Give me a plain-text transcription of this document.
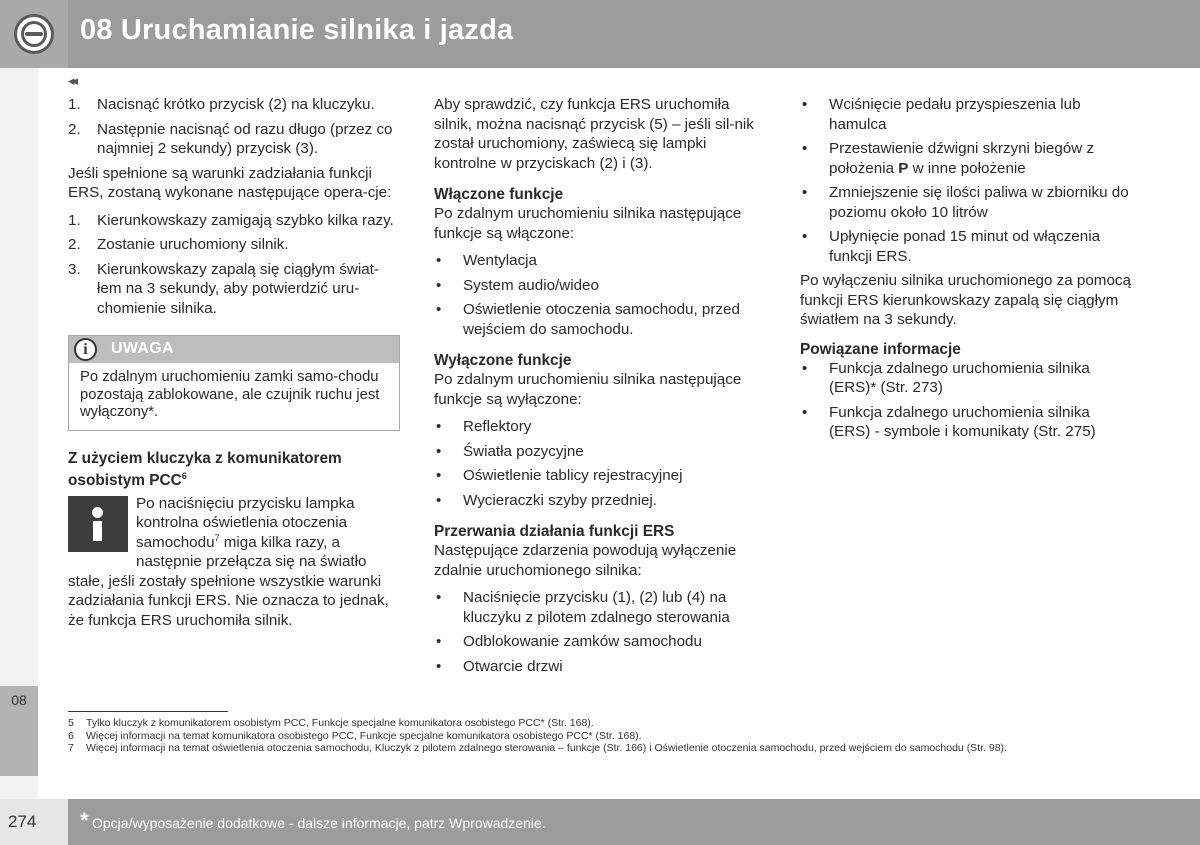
08 Uruchamianie silnika i jazda
08
◂◂
1. Nacisnąć krótko przycisk (2) na kluczyku.
2. Następnie nacisnąć od razu długo (przez co najmniej 2 sekundy) przycisk (3).

Jeśli spełnione są warunki zadziałania funkcji ERS, zostaną wykonane następujące opera-cje:

1. Kierunkowskazy zamigają szybko kilka razy.
2. Zostanie uruchomiony silnik.
3. Kierunkowskazy zapalą się ciągłym świat-łem na 3 sekundy, aby potwierdzić uru-chomienie silnika.
i	UWAGA
Po zdalnym uruchomieniu zamki samo-chodu pozostają zablokowane, ale czujnik ruchu jest wyłączony*.
Z użyciem kluczyka z komunikatorem osobistym PCC$^6$
Po naciśnięciu przycisku lampka kontrolna oświetlenia otoczenia samochodu$^7$ miga kilka razy, a następnie przełącza się na światło stałe, jeśli zostały spełnione wszystkie warunki zadziałania funkcji ERS. Nie oznacza to jednak, że funkcja ERS uruchomiła silnik.

Aby sprawdzić, czy funkcja ERS uruchomiła silnik, można nacisnąć przycisk (5) – jeśli sil-nik został uruchomiony, zaświecą się lampki kontrolne w przyciskach (2) i (3).

Włączone funkcje

Po zdalnym uruchomieniu silnika następujące funkcje są włączone:

• Wentylacja
• System audio/wideo
• Oświetlenie otoczenia samochodu, przed wejściem do samochodu.
Wyłączone funkcje

Po zdalnym uruchomieniu silnika następujące funkcje są wyłączone:

• Reflektory
• Światła pozycyjne
• Oświetlenie tablicy rejestracyjnej
• Wycieraczki szyby przedniej.
Przerwania działania funkcji ERS

Następujące zdarzenia powodują wyłączenie zdalnie uruchomionego silnika:

• Naciśnięcie przycisku (1), (2) lub (4) na kluczyku z pilotem zdalnego sterowania
• Odblokowanie zamków samochodu
• Otwarcie drzwi
• Wciśnięcie pedału przyspieszenia lub hamulca
• Przestawienie dźwigni skrzyni biegów z położenia P w inne położenie
• Zmniejszenie się ilości paliwa w zbiorniku do poziomu około 10 litrów
• Upłynięcie ponad 15 minut od włączenia funkcji ERS.

Po wyłączeniu silnika uruchomionego za pomocą funkcji ERS kierunkowskazy zapalą się ciągłym światłem na 3 sekundy.

Powiązane informacje
• Funkcja zdalnego uruchomienia silnika (ERS)* (Str. 273)
• Funkcja zdalnego uruchomienia silnika (ERS) - symbole i komunikaty (Str. 275)
5 Tylko kluczyk z komunikatorem osobistym PCC, Funkcje specjalne komunikatora osobistego PCC* (Str. 168).
6 Więcej informacji na temat komunikatora osobistego PCC, Funkcje specjalne komunikatora osobistego PCC* (Str. 168).
7 Więcej informacji na temat oświetlenia otoczenia samochodu, Kluczyk z pilotem zdalnego sterowania – funkcje (Str. 166) i Oświetlenie otoczenia samochodu, przed wejściem do samochodu (Str. 98).
274 * Opcja/wyposażenie dodatkowe - dalsze informacje, patrz Wprowadzenie.
